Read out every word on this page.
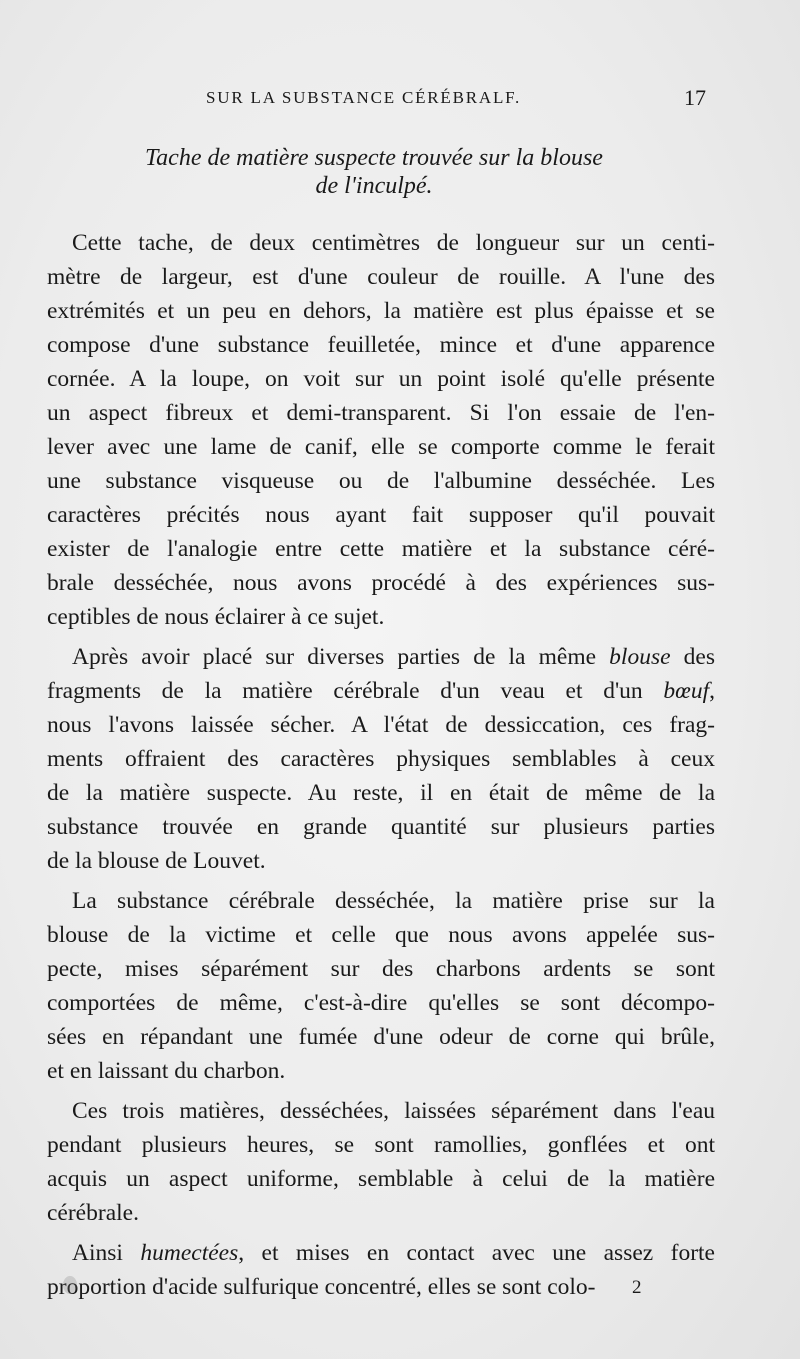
SUR LA SUBSTANCE CÉRÉBRALF.	17
Tache de matière suspecte trouvée sur la blouse
de l'inculpé.
Cette tache, de deux centimètres de longueur sur un centi-
mètre de largeur, est d'une couleur de rouille. A l'une des
extrémités et un peu en dehors, la matière est plus épaisse et se
compose d'une substance feuilletée, mince et d'une apparence
cornée. A la loupe, on voit sur un point isolé qu'elle présente
un aspect fibreux et demi-transparent. Si l'on essaie de l'en-
lever avec une lame de canif, elle se comporte comme le ferait
une substance visqueuse ou de l'albumine desséchée. Les
caractères précités nous ayant fait supposer qu'il pouvait
exister de l'analogie entre cette matière et la substance céré-
brale desséchée, nous avons procédé à des expériences sus-
ceptibles de nous éclairer à ce sujet.
Après avoir placé sur diverses parties de la même blouse des
fragments de la matière cérébrale d'un veau et d'un bœuf,
nous l'avons laissée sécher. A l'état de dessiccation, ces frag-
ments offraient des caractères physiques semblables à ceux
de la matière suspecte. Au reste, il en était de même de la
substance trouvée en grande quantité sur plusieurs parties
de la blouse de Louvet.
La substance cérébrale desséchée, la matière prise sur la
blouse de la victime et celle que nous avons appelée sus-
pecte, mises séparément sur des charbons ardents se sont
comportées de même, c'est-à-dire qu'elles se sont décompo-
sées en répandant une fumée d'une odeur de corne qui brûle,
et en laissant du charbon.
Ces trois matières, desséchées, laissées séparément dans l'eau
pendant plusieurs heures, se sont ramollies, gonflées et ont
acquis un aspect uniforme, semblable à celui de la matière
cérébrale.
Ainsi humectées, et mises en contact avec une assez forte
proportion d'acide sulfurique concentré, elles se sont colo-	2
